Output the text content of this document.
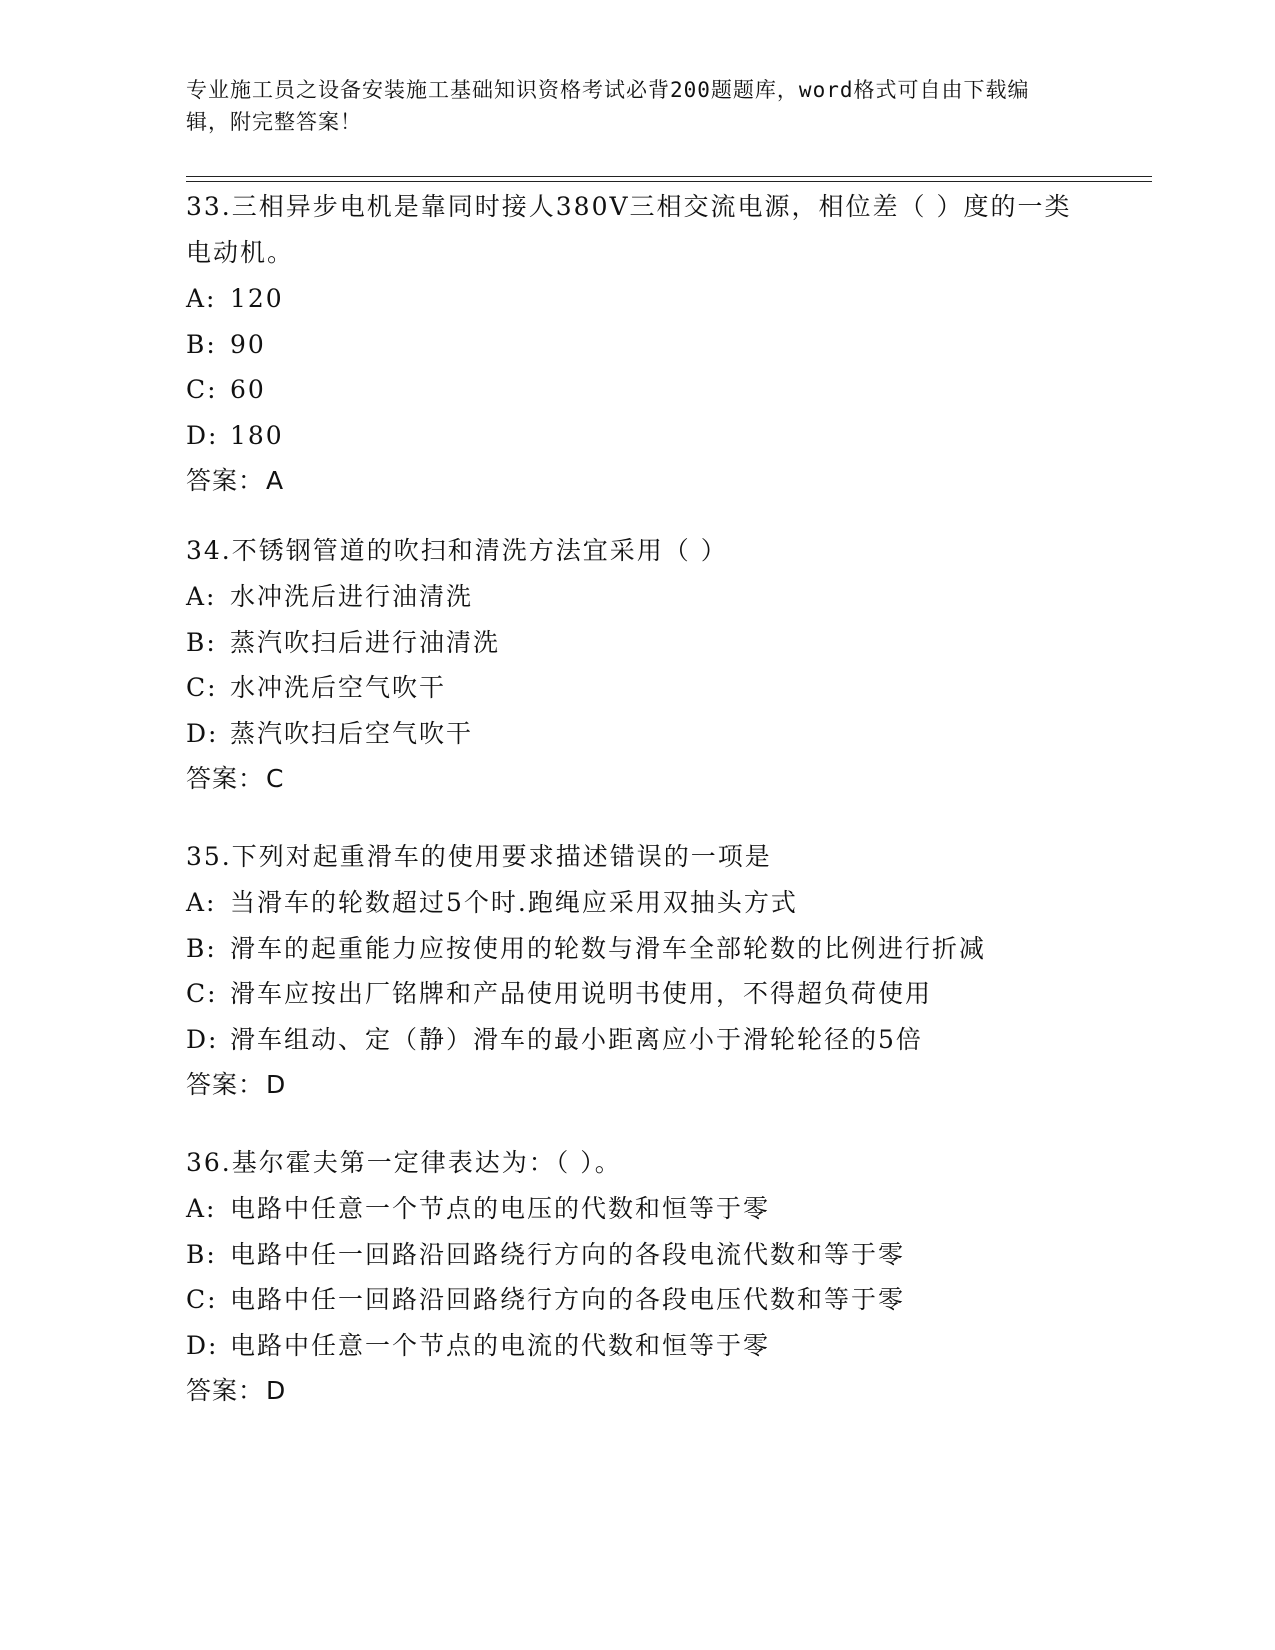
专业施工员之设备安装施工基础知识资格考试必背200题题库，word格式可自由下载编辑，附完整答案！

33.三相异步电机是靠同时接人380V三相交流电源，相位差（ ）度的一类电动机。

A: 120
B: 90
C: 60
D: 180

答案：A

34.不锈钢管道的吹扫和清洗方法宜采用（ ）

A: 水冲洗后进行油清洗
B: 蒸汽吹扫后进行油清洗
C: 水冲洗后空气吹干
D: 蒸汽吹扫后空气吹干

答案：C

35.下列对起重滑车的使用要求描述错误的一项是

A: 当滑车的轮数超过5个时.跑绳应采用双抽头方式
B: 滑车的起重能力应按使用的轮数与滑车全部轮数的比例进行折减
C: 滑车应按出厂铭牌和产品使用说明书使用，不得超负荷使用
D: 滑车组动、定（静）滑车的最小距离应小于滑轮轮径的5倍

答案：D

36.基尔霍夫第一定律表达为：（ ）。

A: 电路中任意一个节点的电压的代数和恒等于零
B: 电路中任一回路沿回路绕行方向的各段电流代数和等于零
C: 电路中任一回路沿回路绕行方向的各段电压代数和等于零
D: 电路中任意一个节点的电流的代数和恒等于零

答案：D
